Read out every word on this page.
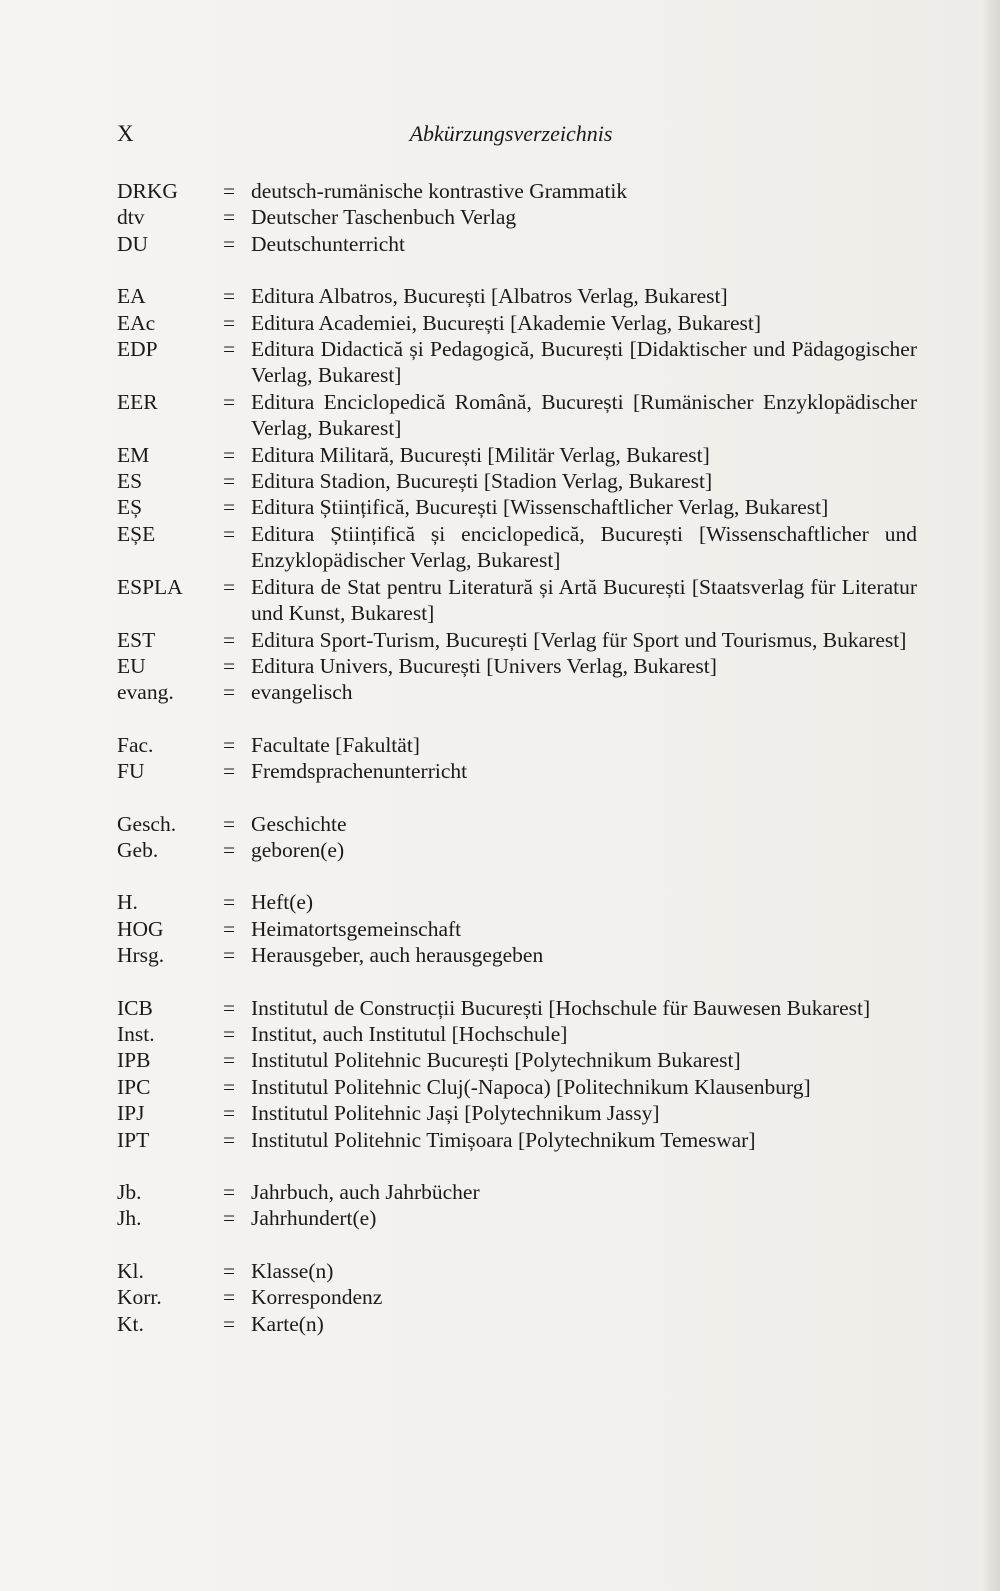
X	Abkürzungsverzeichnis
DRKG	= deutsch-rumänische kontrastive Grammatik
dtv	= Deutscher Taschenbuch Verlag
DU	= Deutschunterricht
EA	= Editura Albatros, București [Albatros Verlag, Bukarest]
EAc	= Editura Academiei, București [Akademie Verlag, Bukarest]
EDP	= Editura Didactică și Pedagogică, București [Didaktischer und Pädagogischer Verlag, Bukarest]
EER	= Editura Enciclopedică Română, București [Rumänischer Enzyklopädischer Verlag, Bukarest]
EM	= Editura Militară, București [Militär Verlag, Bukarest]
ES	= Editura Stadion, București [Stadion Verlag, Bukarest]
EȘ	= Editura Științifică, București [Wissenschaftlicher Verlag, Bukarest]
EȘE	= Editura Științifică și enciclopedică, București [Wissenschaftlicher und Enzyklopädischer Verlag, Bukarest]
ESPLA	= Editura de Stat pentru Literatură și Artă București [Staatsverlag für Literatur und Kunst, Bukarest]
EST	= Editura Sport-Turism, București [Verlag für Sport und Tourismus, Bukarest]
EU	= Editura Univers, București [Univers Verlag, Bukarest]
evang.	= evangelisch
Fac.	= Facultate [Fakultät]
FU	= Fremdsprachenunterricht
Gesch.	= Geschichte
Geb.	= geboren(e)
H.	= Heft(e)
HOG	= Heimatortsgemeinschaft
Hrsg.	= Herausgeber, auch herausgegeben
ICB	= Institutul de Construcții București [Hochschule für Bauwesen Bukarest]
Inst.	= Institut, auch Institutul [Hochschule]
IPB	= Institutul Politehnic București [Polytechnikum Bukarest]
IPC	= Institutul Politehnic Cluj(-Napoca) [Politechnikum Klausenburg]
IPJ	= Institutul Politehnic Jași [Polytechnikum Jassy]
IPT	= Institutul Politehnic Timișoara [Polytechnikum Temeswar]
Jb.	= Jahrbuch, auch Jahrbücher
Jh.	= Jahrhundert(e)
Kl.	= Klasse(n)
Korr.	= Korrespondenz
Kt.	= Karte(n)
